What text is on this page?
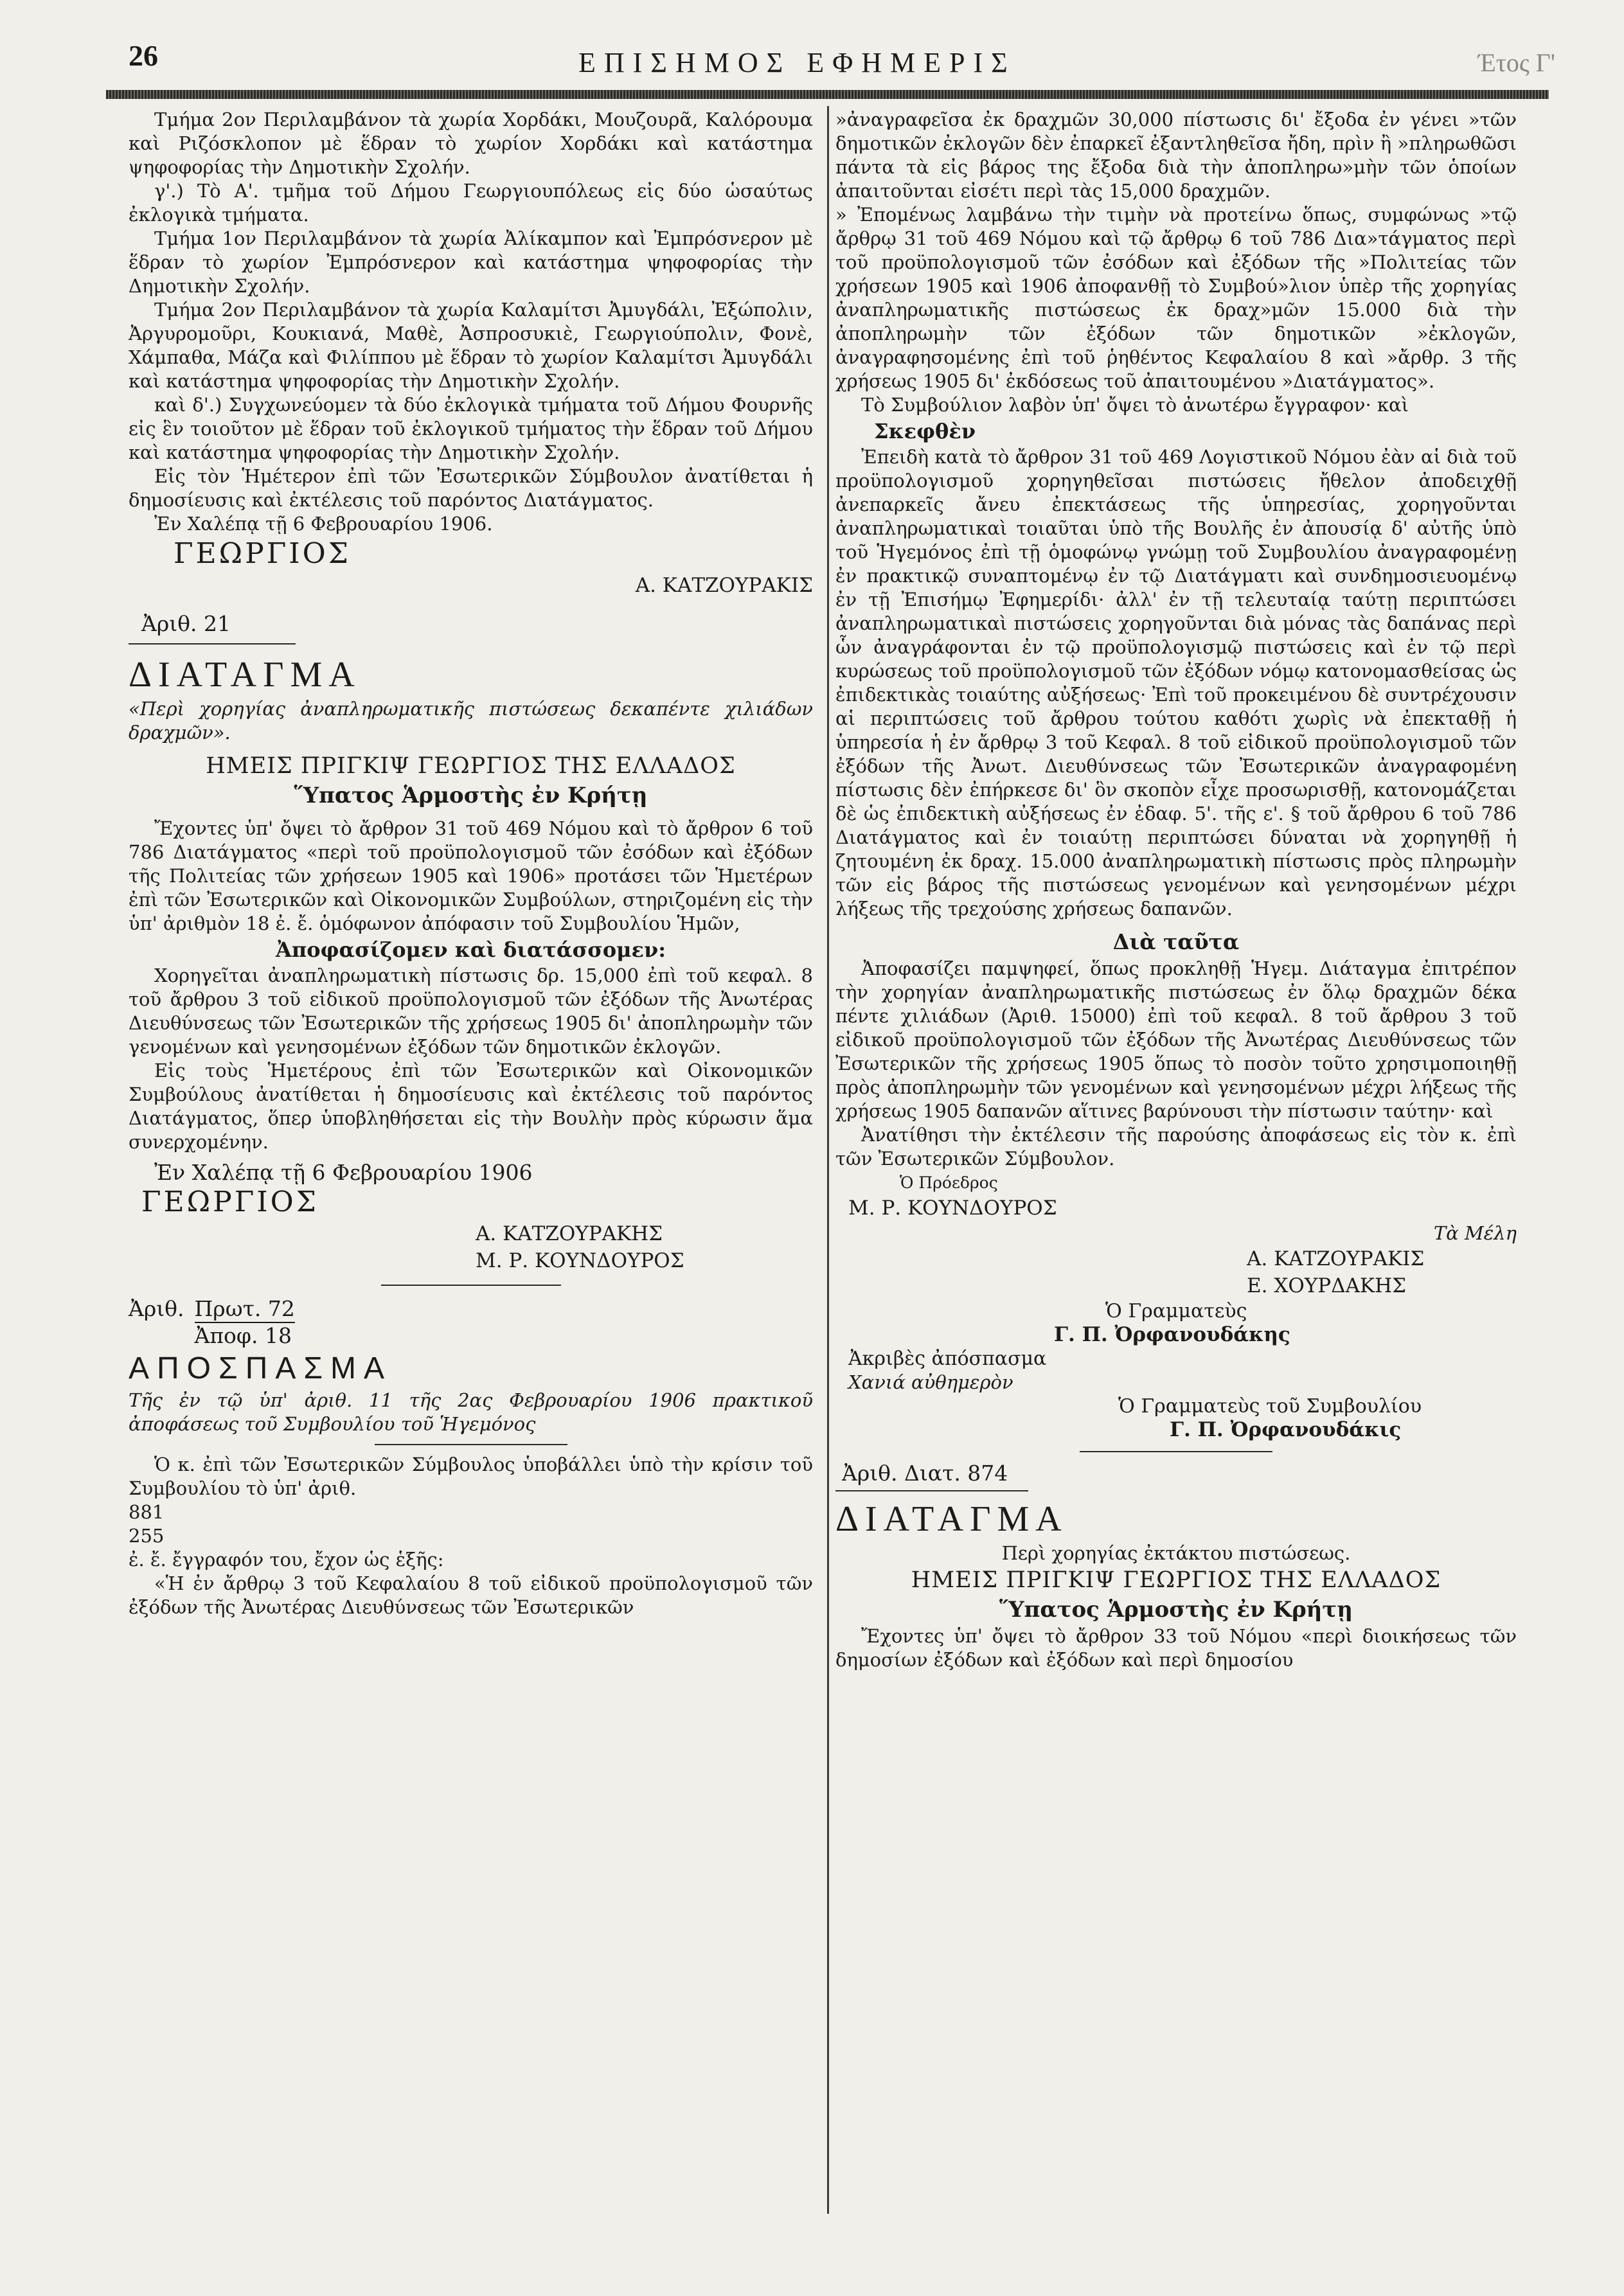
26	ΕΠΙΣΗΜΟΣ ΕΦΗΜΕΡΙΣ	Έτος Γ'

Τμήμα 2ον Περιλαμβάνον τὰ χωρία Χορδάκι, Μουζουρᾶ, Καλόρουμα καὶ Ριζόσκλοπον μὲ ἕδραν τὸ χωρίον Χορδάκι καὶ κατάστημα ψηφοφορίας τὴν Δημοτικὴν Σχολήν.

γ'.) Τὸ Α'. τμῆμα τοῦ Δήμου Γεωργιουπόλεως εἰς δύο ὡσαύτως ἐκλογικὰ τμήματα.

Τμήμα 1ον Περιλαμβάνον τὰ χωρία Ἀλίκαμπον καὶ Ἐμπρόσνερον μὲ ἕδραν τὸ χωρίον Ἐμπρόσνερον καὶ κατάστημα ψηφοφορίας τὴν Δημοτικὴν Σχολήν.

Τμήμα 2ον Περιλαμβάνον τὰ χωρία Καλαμίτσι Ἀμυγδάλι, Ἐξώπολιν, Ἀργυρομοῦρι, Κουκιανά, Μαθὲ, Ἀσπροσυκιὲ, Γεωργιούπολιν, Φονὲ, Χάμπαθα, Μάζα καὶ Φιλίππου μὲ ἕδραν τὸ χωρίον Καλαμίτσι Ἀμυγδάλι καὶ κατάστημα ψηφοφορίας τὴν Δημοτικὴν Σχολήν.

καὶ δ'.) Συγχωνεύομεν τὰ δύο ἐκλογικὰ τμήματα τοῦ Δήμου Φουρνῆς εἰς ἓν τοιοῦτον μὲ ἕδραν τοῦ ἐκλογικοῦ τμήματος τὴν ἕδραν τοῦ Δήμου καὶ κατάστημα ψηφοφορίας τὴν Δημοτικὴν Σχολήν.

Εἰς τὸν Ἡμέτερον ἐπὶ τῶν Ἐσωτερικῶν Σύμβουλον ἀνατίθεται ἡ δημοσίευσις καὶ ἐκτέλεσις τοῦ παρόντος Διατάγματος.

Ἐν Χαλέπᾳ τῇ 6 Φεβρουαρίου 1906.

ΓΕΩΡΓΙΟΣ

Α. ΚΑΤΖΟΥΡΑΚΙΣ

Ἀριθ. 21

ΔΙΑΤΑΓΜΑ

«Περὶ χορηγίας ἀναπληρωματικῆς πιστώσεως δεκαπέντε χιλιάδων δραχμῶν».

ΗΜΕΙΣ ΠΡΙΓΚΙΨ ΓΕΩΡΓΙΟΣ ΤΗΣ ΕΛΛΑΔΟΣ

Ὕπατος Ἁρμοστὴς ἐν Κρήτῃ

Ἔχοντες ὑπ' ὄψει τὸ ἄρθρον 31 τοῦ 469 Νόμου καὶ τὸ ἄρθρον 6 τοῦ 786 Διατάγματος «περὶ τοῦ προϋπολογισμοῦ τῶν ἐσόδων καὶ ἐξόδων τῆς Πολιτείας τῶν χρήσεων 1905 καὶ 1906» προτάσει τῶν Ἡμετέρων ἐπὶ τῶν Ἐσωτερικῶν καὶ Οἰκονομικῶν Συμβούλων, στηριζομένη εἰς τὴν ὑπ' ἀριθμὸν 18 ἐ. ἔ. ὁμόφωνον ἀπόφασιν τοῦ Συμβουλίου Ἡμῶν,

Ἀποφασίζομεν καὶ διατάσσομεν:

Χορηγεῖται ἀναπληρωματικὴ πίστωσις δρ. 15,000 ἐπὶ τοῦ κεφαλ. 8 τοῦ ἄρθρου 3 τοῦ εἰδικοῦ προϋπολογισμοῦ τῶν ἐξόδων τῆς Ἀνωτέρας Διευθύνσεως τῶν Ἐσωτερικῶν τῆς χρήσεως 1905 δι' ἀποπληρωμὴν τῶν γενομένων καὶ γενησομένων ἐξόδων τῶν δημοτικῶν ἐκλογῶν.

Εἰς τοὺς Ἡμετέρους ἐπὶ τῶν Ἐσωτερικῶν καὶ Οἰκονομικῶν Συμβούλους ἀνατίθεται ἡ δημοσίευσις καὶ ἐκτέλεσις τοῦ παρόντος Διατάγματος, ὅπερ ὑποβληθήσεται εἰς τὴν Βουλὴν πρὸς κύρωσιν ἅμα συνερχομένην.

Ἐν Χαλέπᾳ τῇ 6 Φεβρουαρίου 1906

ΓΕΩΡΓΙΟΣ

Α. ΚΑΤΖΟΥΡΑΚΗΣ

Μ. Ρ. ΚΟΥΝΔΟΥΡΟΣ

Ἀριθ. Πρωτ. 72
Ἀποφ. 18

ΑΠΟΣΠΑΣΜΑ

Τῆς ἐν τῷ ὑπ' ἀριθ. 11 τῆς 2ας Φεβρουαρίου 1906 πρακτικοῦ ἀποφάσεως τοῦ Συμβουλίου τοῦ Ἡγεμόνος

Ὁ κ. ἐπὶ τῶν Ἐσωτερικῶν Σύμβουλος ὑποβάλλει ὑπὸ τὴν κρίσιν τοῦ Συμβουλίου τὸ ὑπ' ἀριθ.

881
255
ἐ. ἔ. ἔγγραφόν του, ἔχον ὡς ἑξῆς:

«Ἡ ἐν ἄρθρῳ 3 τοῦ Κεφαλαίου 8 τοῦ εἰδικοῦ προϋπολογισμοῦ τῶν ἐξόδων τῆς Ἀνωτέρας Διευθύνσεως τῶν Ἐσωτερικῶν

»ἀναγραφεῖσα ἐκ δραχμῶν 30,000 πίστωσις δι' ἔξοδα ἐν γένει »τῶν δημοτικῶν ἐκλογῶν δὲν ἐπαρκεῖ ἐξαντληθεῖσα ἤδη, πρὶν ἢ »πληρωθῶσι πάντα τὰ εἰς βάρος της ἔξοδα διὰ τὴν ἀποπληρω»μὴν τῶν ὁποίων ἀπαιτοῦνται εἰσέτι περὶ τὰς 15,000 δραχμῶν.

» Ἐπομένως λαμβάνω τὴν τιμὴν νὰ προτείνω ὅπως, συμφώνως »τῷ ἄρθρῳ 31 τοῦ 469 Νόμου καὶ τῷ ἄρθρῳ 6 τοῦ 786 Δια»τάγματος περὶ τοῦ προϋπολογισμοῦ τῶν ἐσόδων καὶ ἐξόδων τῆς »Πολιτείας τῶν χρήσεων 1905 καὶ 1906 ἀποφανθῇ τὸ Συμβού»λιον ὑπὲρ τῆς χορηγίας ἀναπληρωματικῆς πιστώσεως ἐκ δραχ»μῶν 15.000 διὰ τὴν ἀποπληρωμὴν τῶν ἐξόδων τῶν δημοτικῶν »ἐκλογῶν, ἀναγραφησομένης ἐπὶ τοῦ ῥηθέντος Κεφαλαίου 8 καὶ »ἄρθρ. 3 τῆς χρήσεως 1905 δι' ἐκδόσεως τοῦ ἀπαιτουμένου »Διατάγματος».

Τὸ Συμβούλιον λαβὸν ὑπ' ὄψει τὸ ἀνωτέρω ἔγγραφον· καὶ

Σκεφθὲν

Ἐπειδὴ κατὰ τὸ ἄρθρον 31 τοῦ 469 Λογιστικοῦ Νόμου ἐὰν αἱ διὰ τοῦ προϋπολογισμοῦ χορηγηθεῖσαι πιστώσεις ἤθελον ἀποδειχθῇ ἀνεπαρκεῖς ἄνευ ἐπεκτάσεως τῆς ὑπηρεσίας, χορηγοῦνται ἀναπληρωματικαὶ τοιαῦται ὑπὸ τῆς Βουλῆς ἐν ἀπουσίᾳ δ' αὐτῆς ὑπὸ τοῦ Ἡγεμόνος ἐπὶ τῇ ὁμοφώνῳ γνώμῃ τοῦ Συμβουλίου ἀναγραφομένῃ ἐν πρακτικῷ συναπτομένῳ ἐν τῷ Διατάγματι καὶ συνδημοσιευομένῳ ἐν τῇ Ἐπισήμῳ Ἐφημερίδι· ἀλλ' ἐν τῇ τελευταίᾳ ταύτῃ περιπτώσει ἀναπληρωματικαὶ πιστώσεις χορηγοῦνται διὰ μόνας τὰς δαπάνας περὶ ὧν ἀναγράφονται ἐν τῷ προϋπολογισμῷ πιστώσεις καὶ ἐν τῷ περὶ κυρώσεως τοῦ προϋπολογισμοῦ τῶν ἐξόδων νόμῳ κατονομασθείσας ὡς ἐπιδεκτικὰς τοιαύτης αὐξήσεως· Ἐπὶ τοῦ προκειμένου δὲ συντρέχουσιν αἱ περιπτώσεις τοῦ ἄρθρου τούτου καθότι χωρὶς νὰ ἐπεκταθῇ ἡ ὑπηρεσία ἡ ἐν ἄρθρῳ 3 τοῦ Κεφαλ. 8 τοῦ εἰδικοῦ προϋπολογισμοῦ τῶν ἐξόδων τῆς Ἀνωτ. Διευθύνσεως τῶν Ἐσωτερικῶν ἀναγραφομένη πίστωσις δὲν ἐπήρκεσε δι' ὃν σκοπὸν εἶχε προσωρισθῇ, κατονομάζεται δὲ ὡς ἐπιδεκτικὴ αὐξήσεως ἐν ἐδαφ. 5'. τῆς ε'. § τοῦ ἄρθρου 6 τοῦ 786 Διατάγματος καὶ ἐν τοιαύτῃ περιπτώσει δύναται νὰ χορηγηθῇ ἡ ζητουμένη ἐκ δραχ. 15.000 ἀναπληρωματικὴ πίστωσις πρὸς πληρωμὴν τῶν εἰς βάρος τῆς πιστώσεως γενομένων καὶ γενησομένων μέχρι λήξεως τῆς τρεχούσης χρήσεως δαπανῶν.

Διὰ ταῦτα

Ἀποφασίζει παμψηφεί, ὅπως προκληθῇ Ἡγεμ. Διάταγμα ἐπιτρέπον τὴν χορηγίαν ἀναπληρωματικῆς πιστώσεως ἐν ὅλῳ δραχμῶν δέκα πέντε χιλιάδων (Ἀριθ. 15000) ἐπὶ τοῦ κεφαλ. 8 τοῦ ἄρθρου 3 τοῦ εἰδικοῦ προϋπολογισμοῦ τῶν ἐξόδων τῆς Ἀνωτέρας Διευθύνσεως τῶν Ἐσωτερικῶν τῆς χρήσεως 1905 ὅπως τὸ ποσὸν τοῦτο χρησιμοποιηθῇ πρὸς ἀποπληρωμὴν τῶν γενομένων καὶ γενησομένων μέχρι λήξεως τῆς χρήσεως 1905 δαπανῶν αἵτινες βαρύνουσι τὴν πίστωσιν ταύτην· καὶ

Ἀνατίθησι τὴν ἐκτέλεσιν τῆς παρούσης ἀποφάσεως εἰς τὸν κ. ἐπὶ τῶν Ἐσωτερικῶν Σύμβουλον.

Ὁ Πρόεδρος

Μ. Ρ. ΚΟΥΝΔΟΥΡΟΣ

Τὰ Μέλη

Α. ΚΑΤΖΟΥΡΑΚΙΣ

Ε. ΧΟΥΡΔΑΚΗΣ

Ὁ Γραμματεὺς

Γ. Π. Ὀρφανουδάκης

Ἀκριβὲς ἀπόσπασμα

Χανιά αὐθημερὸν

Ὁ Γραμματεὺς τοῦ Συμβουλίου

Γ. Π. Ὀρφανουδάκις

Ἀριθ. Διατ. 874

ΔΙΑΤΑΓΜΑ

Περὶ χορηγίας ἐκτάκτου πιστώσεως.

ΗΜΕΙΣ ΠΡΙΓΚΙΨ ΓΕΩΡΓΙΟΣ ΤΗΣ ΕΛΛΑΔΟΣ

Ὕπατος Ἁρμοστὴς ἐν Κρήτῃ

Ἔχοντες ὑπ' ὄψει τὸ ἄρθρον 33 τοῦ Νόμου «περὶ διοικήσεως τῶν δημοσίων ἐξόδων καὶ ἐξόδων καὶ περὶ δημοσίου
